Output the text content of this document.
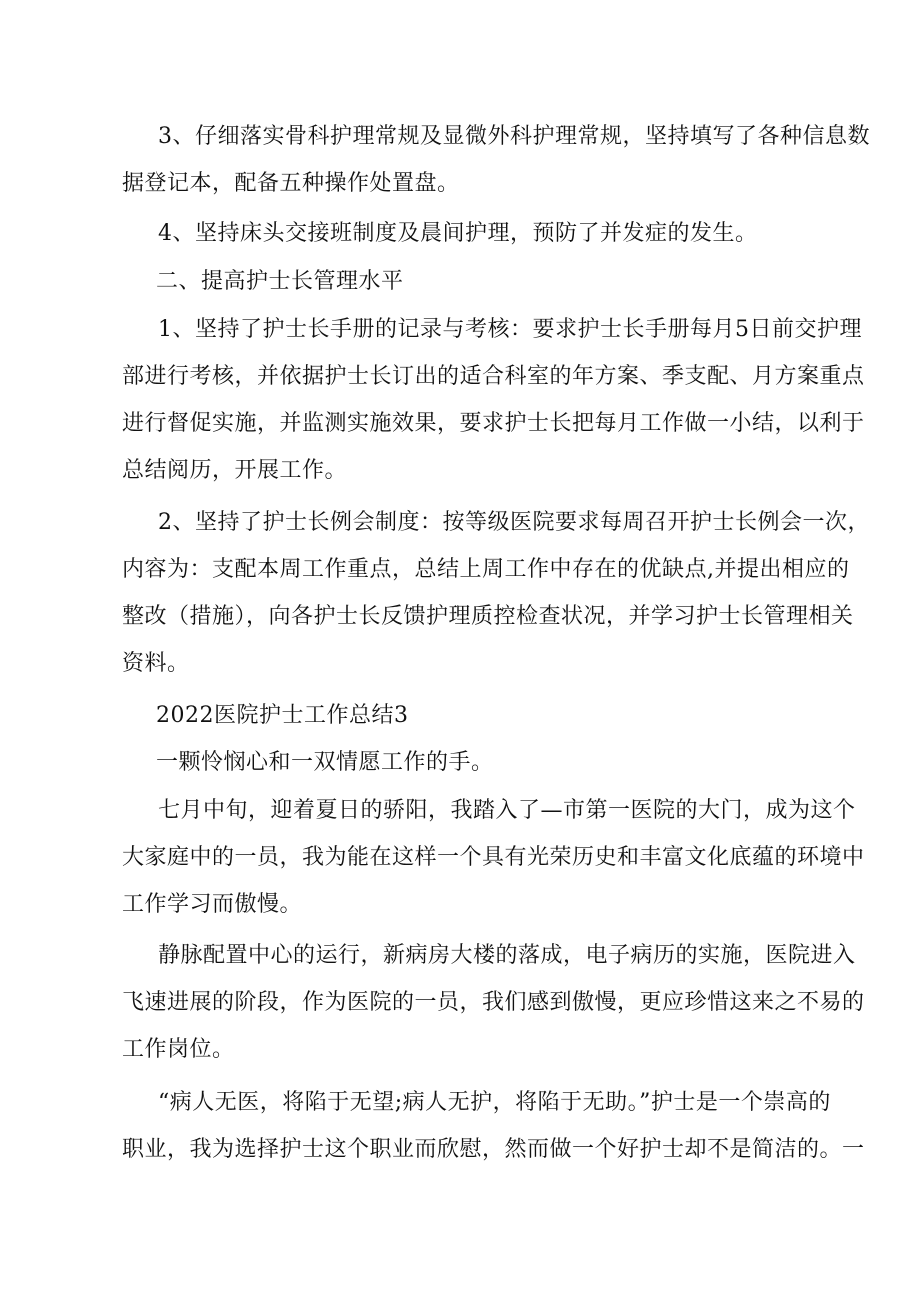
3、仔细落实骨科护理常规及显微外科护理常规，坚持填写了各种信息数
据登记本，配备五种操作处置盘。
4、坚持床头交接班制度及晨间护理，预防了并发症的发生。
二、提高护士长管理水平
1、坚持了护士长手册的记录与考核：要求护士长手册每月5日前交护理
部进行考核，并依据护士长订出的适合科室的年方案、季支配、月方案重点
进行督促实施，并监测实施效果，要求护士长把每月工作做一小结，以利于
总结阅历，开展工作。
2、坚持了护士长例会制度：按等级医院要求每周召开护士长例会一次，
内容为：支配本周工作重点，总结上周工作中存在的优缺点,并提出相应的
整改（措施），向各护士长反馈护理质控检查状况，并学习护士长管理相关
资料。
2022医院护士工作总结3
一颗怜悯心和一双情愿工作的手。
七月中旬，迎着夏日的骄阳，我踏入了—市第一医院的大门，成为这个
大家庭中的一员，我为能在这样一个具有光荣历史和丰富文化底蕴的环境中
工作学习而傲慢。
静脉配置中心的运行，新病房大楼的落成，电子病历的实施，医院进入
飞速进展的阶段，作为医院的一员，我们感到傲慢，更应珍惜这来之不易的
工作岗位。
“病人无医，将陷于无望;病人无护，将陷于无助。”护士是一个崇高的
职业，我为选择护士这个职业而欣慰，然而做一个好护士却不是简洁的。一
